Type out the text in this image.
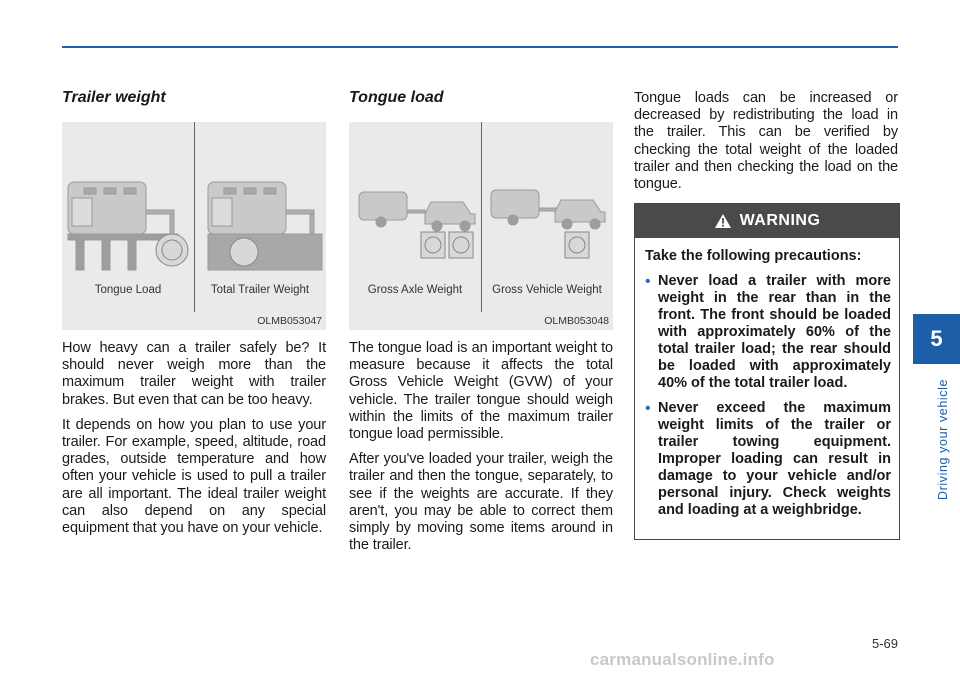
Trailer weight
Tongue Load	Total Trailer Weight
OLMB053047

How heavy can a trailer safely be? It should never weigh more than the maximum trailer weight with trailer brakes. But even that can be too heavy.

It depends on how you plan to use your trailer. For example, speed, altitude, road grades, outside temperature and how often your vehicle is used to pull a trailer are all important. The ideal trailer weight can also depend on any special equipment that you have on your vehicle.

Tongue load
Gross Axle Weight	Gross Vehicle Weight
OLMB053048

The tongue load is an important weight to measure because it affects the total Gross Vehicle Weight (GVW) of your vehicle. The trailer tongue should weigh within the limits of the maximum trailer tongue load permissible.

After you've loaded your trailer, weigh the trailer and then the tongue, separately, to see if the weights are accurate. If they aren't, you may be able to correct them simply by moving some items around in the trailer.

Tongue loads can be increased or decreased by redistributing the load in the trailer. This can be verified by checking the total weight of the loaded trailer and then checking the load on the tongue.

WARNING
Take the following precautions:
• Never load a trailer with more weight in the rear than in the front. The front should be loaded with approximately 60% of the total trailer load; the rear should be loaded with approximately 40% of the total trailer load.
• Never exceed the maximum weight limits of the trailer or trailer towing equipment. Improper loading can result in damage to your vehicle and/or personal injury. Check weights and loading at a weighbridge.
5
Driving your vehicle
5-69
carmanualsonline.info
